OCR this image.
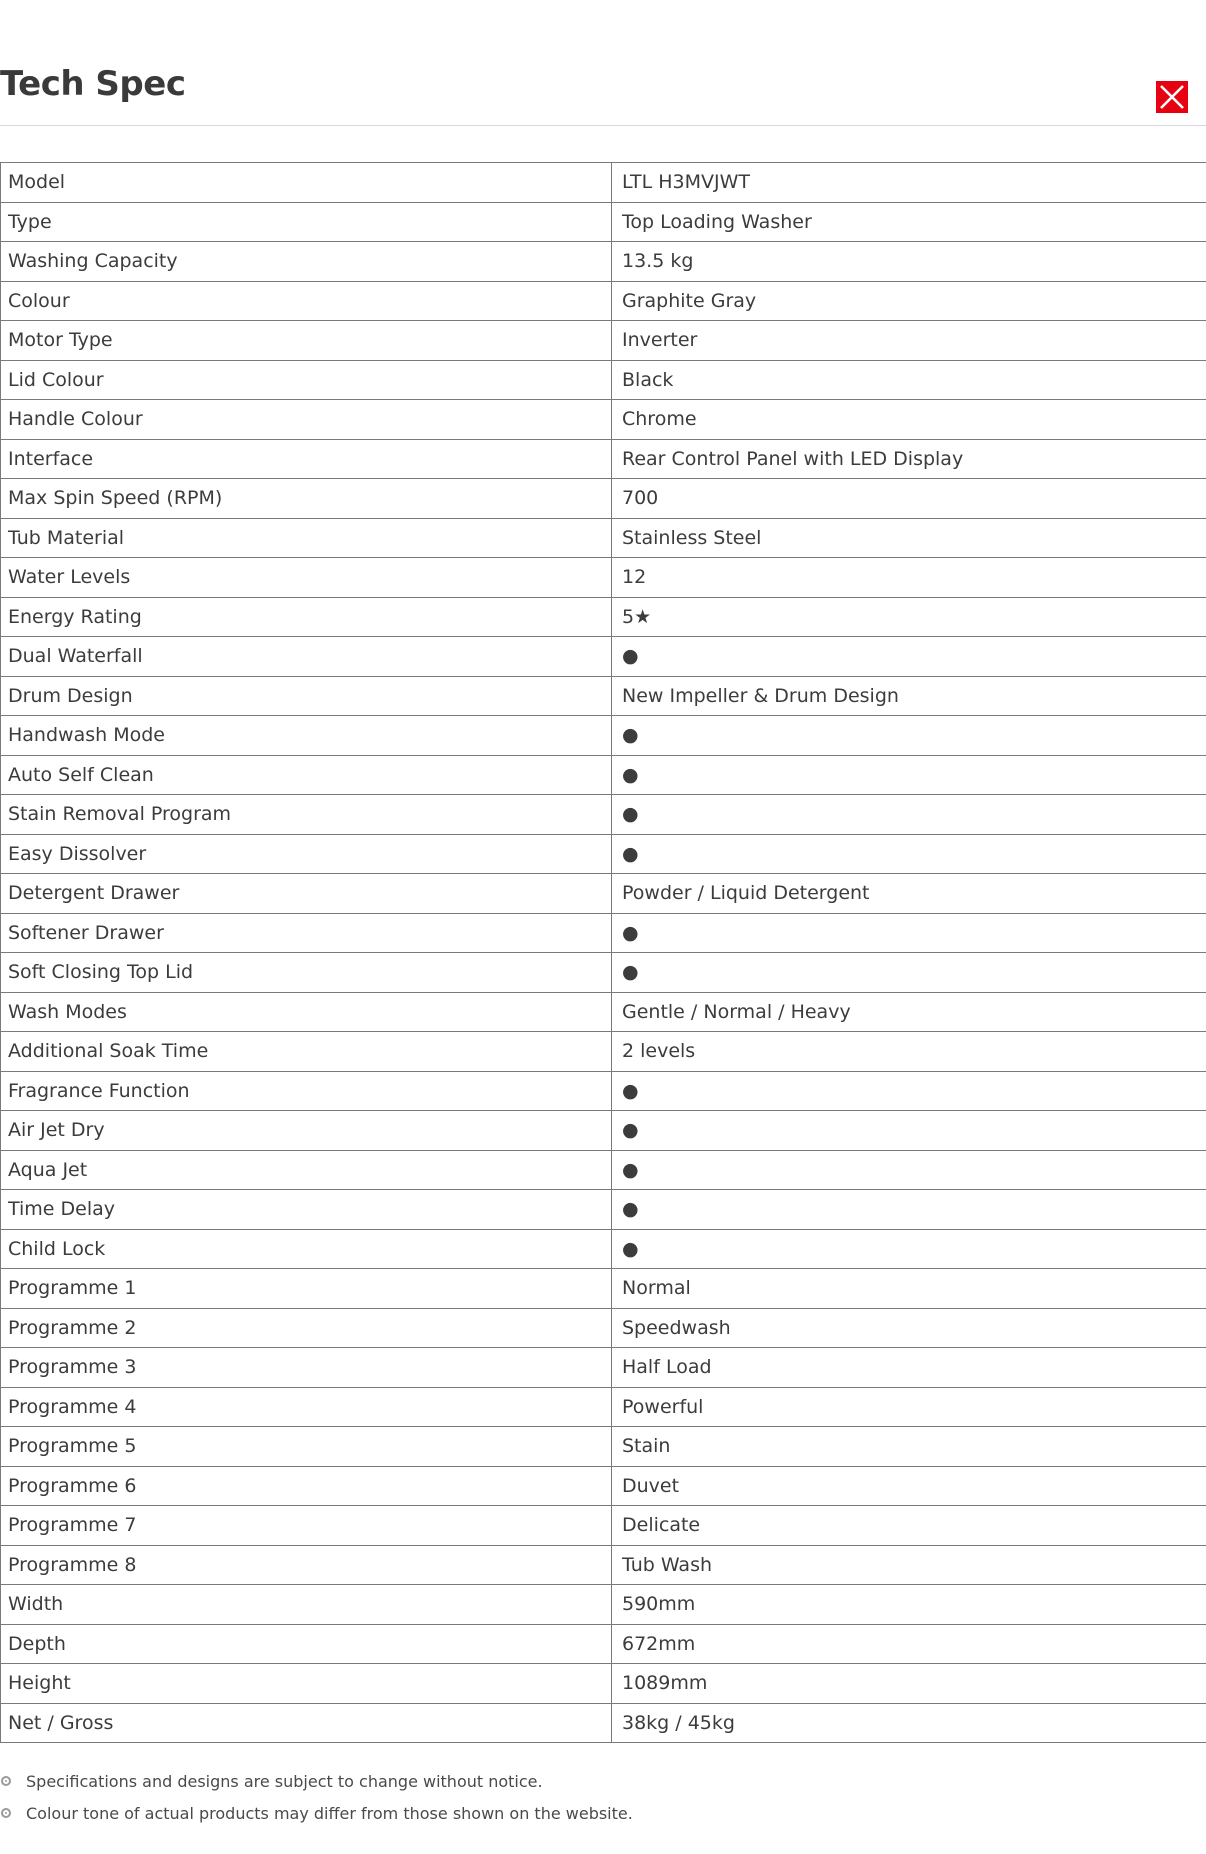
Tech Spec
Model	LTL H3MVJWT
Type	Top Loading Washer
Washing Capacity	13.5 kg
Colour	Graphite Gray
Motor Type	Inverter
Lid Colour	Black
Handle Colour	Chrome
Interface	Rear Control Panel with LED Display
Max Spin Speed (RPM)	700
Tub Material	Stainless Steel
Water Levels	12
Energy Rating	5★
Dual Waterfall	●
Drum Design	New Impeller & Drum Design
Handwash Mode	●
Auto Self Clean	●
Stain Removal Program	●
Easy Dissolver	●
Detergent Drawer	Powder / Liquid Detergent
Softener Drawer	●
Soft Closing Top Lid	●
Wash Modes	Gentle / Normal / Heavy
Additional Soak Time	2 levels
Fragrance Function	●
Air Jet Dry	●
Aqua Jet	●
Time Delay	●
Child Lock	●
Programme 1	Normal
Programme 2	Speedwash
Programme 3	Half Load
Programme 4	Powerful
Programme 5	Stain
Programme 6	Duvet
Programme 7	Delicate
Programme 8	Tub Wash
Width	590mm
Depth	672mm
Height	1089mm
Net / Gross	38kg / 45kg
Specifications and designs are subject to change without notice.
Colour tone of actual products may differ from those shown on the website.
